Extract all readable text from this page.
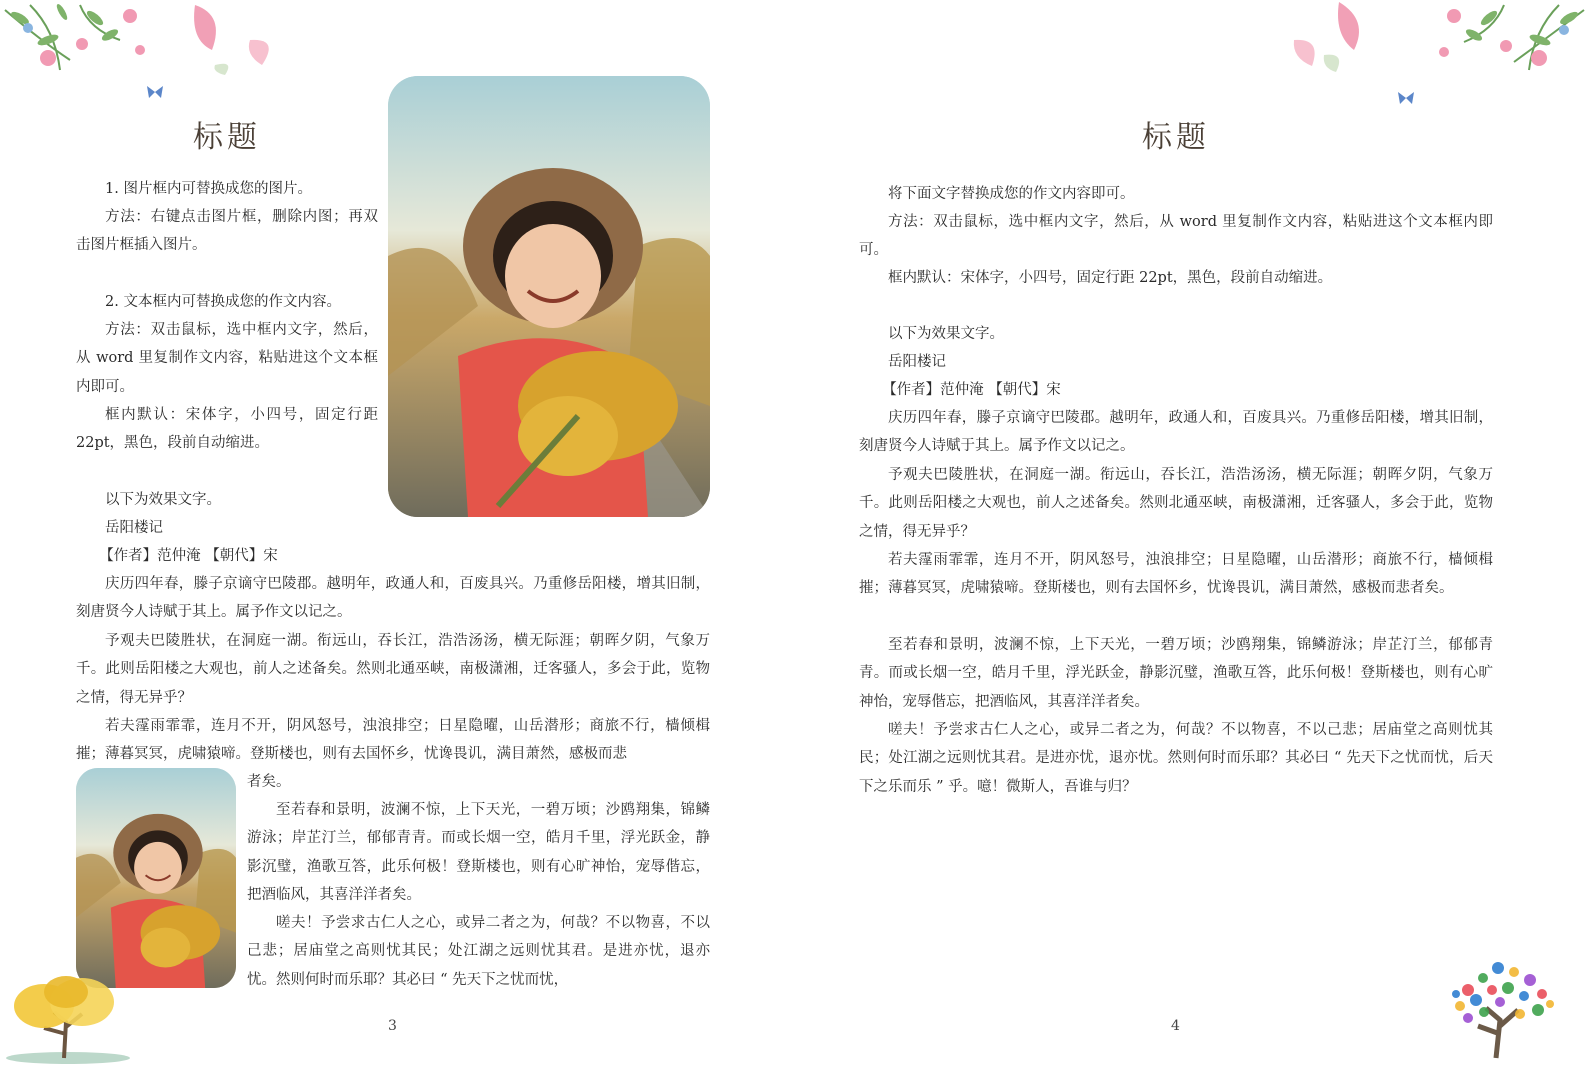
标题

1. 图片框内可替换成您的图片。

方法：右键点击图片框，删除内图；再双击图片框插入图片。

2. 文本框内可替换成您的作文内容。

方法：双击鼠标，选中框内文字，然后，从 word 里复制作文内容，粘贴进这个文本框内即可。

框内默认：宋体字，小四号，固定行距 22pt，黑色，段前自动缩进。

以下为效果文字。

岳阳楼记

【作者】范仲淹 【朝代】宋

庆历四年春，滕子京谪守巴陵郡。越明年，政通人和，百废具兴。乃重修岳阳楼，增其旧制，刻唐贤今人诗赋于其上。属予作文以记之。

予观夫巴陵胜状，在洞庭一湖。衔远山，吞长江，浩浩汤汤，横无际涯；朝晖夕阴，气象万千。此则岳阳楼之大观也，前人之述备矣。然则北通巫峡，南极潇湘，迁客骚人，多会于此，览物之情，得无异乎？

若夫霪雨霏霏，连月不开，阴风怒号，浊浪排空；日星隐曜，山岳潜形；商旅不行，樯倾楫摧；薄暮冥冥，虎啸猿啼。登斯楼也，则有去国怀乡，忧谗畏讥，满目萧然，感极而悲

者矣。

至若春和景明，波澜不惊，上下天光，一碧万顷；沙鸥翔集，锦鳞游泳；岸芷汀兰，郁郁青青。而或长烟一空，皓月千里，浮光跃金，静影沉璧，渔歌互答，此乐何极！登斯楼也，则有心旷神怡，宠辱偕忘，把酒临风，其喜洋洋者矣。

嗟夫！予尝求古仁人之心，或异二者之为，何哉？不以物喜，不以己悲；居庙堂之高则忧其民；处江湖之远则忧其君。是进亦忧，退亦忧。然则何时而乐耶？其必曰 “ 先天下之忧而忧，

3
标题

将下面文字替换成您的作文内容即可。

方法：双击鼠标，选中框内文字，然后，从 word 里复制作文内容，粘贴进这个文本框内即可。

框内默认：宋体字，小四号，固定行距 22pt，黑色，段前自动缩进。

以下为效果文字。

岳阳楼记

【作者】范仲淹 【朝代】宋

庆历四年春，滕子京谪守巴陵郡。越明年，政通人和，百废具兴。乃重修岳阳楼，增其旧制，刻唐贤今人诗赋于其上。属予作文以记之。

予观夫巴陵胜状，在洞庭一湖。衔远山，吞长江，浩浩汤汤，横无际涯；朝晖夕阴，气象万千。此则岳阳楼之大观也，前人之述备矣。然则北通巫峡，南极潇湘，迁客骚人，多会于此，览物之情，得无异乎？

若夫霪雨霏霏，连月不开，阴风怒号，浊浪排空；日星隐曜，山岳潜形；商旅不行，樯倾楫摧；薄暮冥冥，虎啸猿啼。登斯楼也，则有去国怀乡，忧谗畏讥，满目萧然，感极而悲者矣。

至若春和景明，波澜不惊，上下天光，一碧万顷；沙鸥翔集，锦鳞游泳；岸芷汀兰，郁郁青青。而或长烟一空，皓月千里，浮光跃金，静影沉璧，渔歌互答，此乐何极！登斯楼也，则有心旷神怡，宠辱偕忘，把酒临风，其喜洋洋者矣。

嗟夫！予尝求古仁人之心，或异二者之为，何哉？不以物喜，不以己悲；居庙堂之高则忧其民；处江湖之远则忧其君。是进亦忧，退亦忧。然则何时而乐耶？其必曰 “ 先天下之忧而忧，后天下之乐而乐 ” 乎。噫！微斯人，吾谁与归？

4
